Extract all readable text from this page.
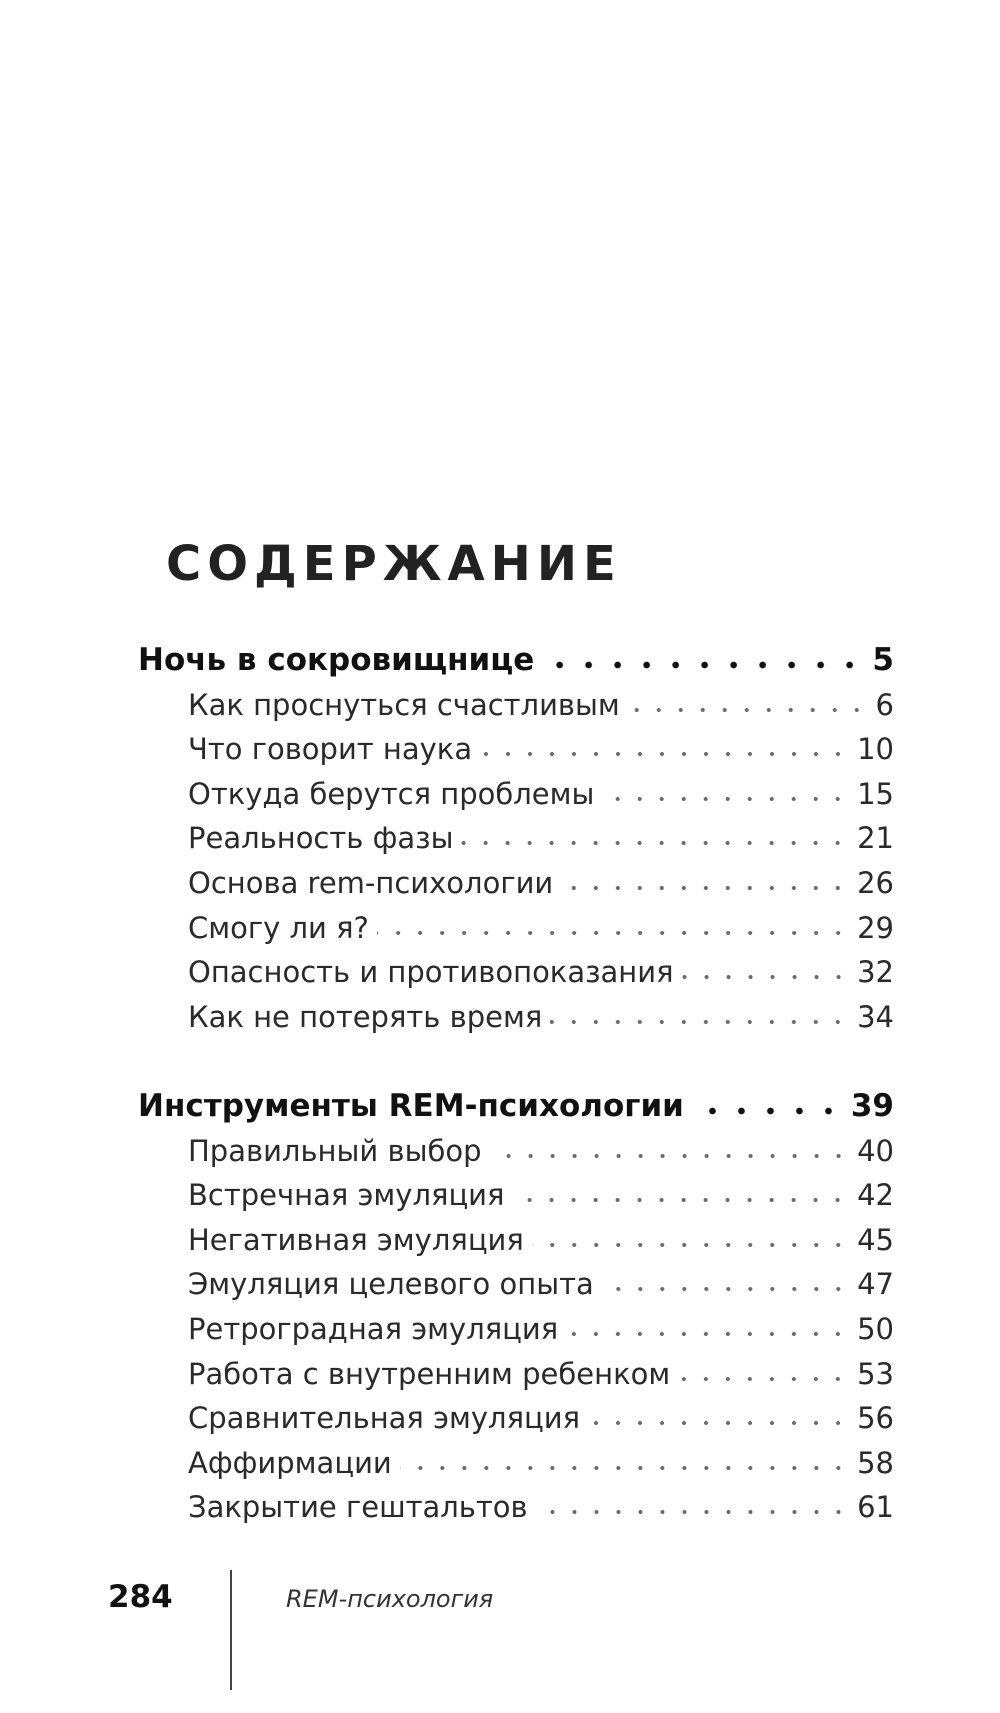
СОДЕРЖАНИЕ
Ночь в сокровищнице	5
Как проснуться счастливым	6
Что говорит наука	10
Откуда берутся проблемы	15
Реальность фазы	21
Основа rem-психологии	26
Смогу ли я?	29
Опасность и противопоказания	32
Как не потерять время	34
Инструменты REM-психологии	39
Правильный выбор	40
Встречная эмуляция	42
Негативная эмуляция	45
Эмуляция целевого опыта	47
Ретроградная эмуляция	50
Работа с внутренним ребенком	53
Сравнительная эмуляция	56
Аффирмации	58
Закрытие гештальтов	61
284	REM-психология
